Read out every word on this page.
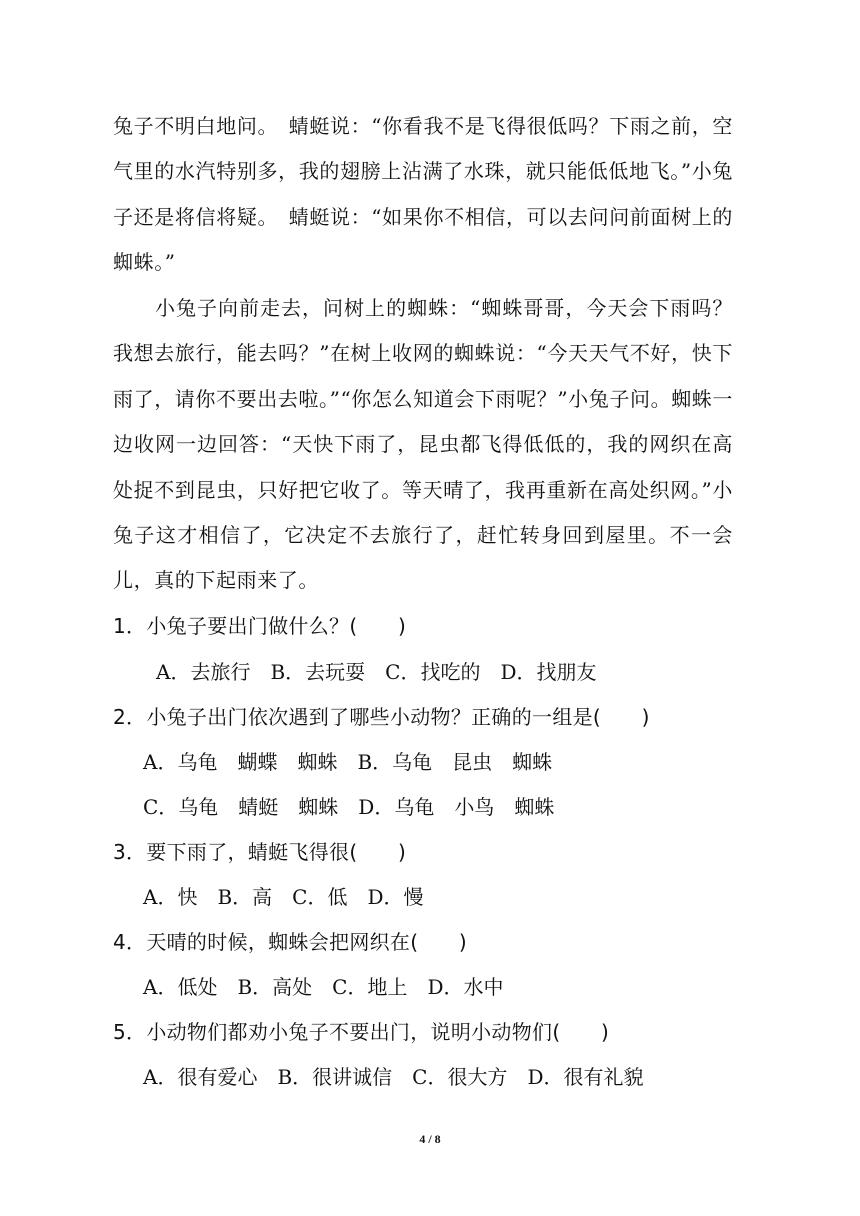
兔子不明白地问。　蜻蜓说：“你看我不是飞得很低吗？下雨之前，空气里的水汽特别多，我的翅膀上沾满了水珠，就只能低低地飞。”小兔子还是将信将疑。　蜻蜓说：“如果你不相信，可以去问问前面树上的蜘蛛。”

小兔子向前走去，问树上的蜘蛛：“蜘蛛哥哥，今天会下雨吗？我想去旅行，能去吗？”在树上收网的蜘蛛说：“今天天气不好，快下雨了，请你不要出去啦。”“你怎么知道会下雨呢？”小兔子问。蜘蛛一边收网一边回答：“天快下雨了，昆虫都飞得低低的，我的网织在高处捉不到昆虫，只好把它收了。等天晴了，我再重新在高处织网。”小兔子这才相信了，它决定不去旅行了，赶忙转身回到屋里。不一会儿，真的下起雨来了。

1．小兔子要出门做什么？(　　)
A．去旅行　B．去玩耍　C．找吃的　D．找朋友
2．小兔子出门依次遇到了哪些小动物？正确的一组是(　　)
A．乌龟　蝴蝶　蜘蛛　B．乌龟　昆虫　蜘蛛
C．乌龟　蜻蜓　蜘蛛　D．乌龟　小鸟　蜘蛛
3．要下雨了，蜻蜓飞得很(　　)
A．快　B．高　C．低　D．慢
4．天晴的时候，蜘蛛会把网织在(　　)
A．低处　B．高处　C．地上　D．水中
5．小动物们都劝小兔子不要出门，说明小动物们(　　)
A．很有爱心　B．很讲诚信　C．很大方　D．很有礼貌
4 / 8
